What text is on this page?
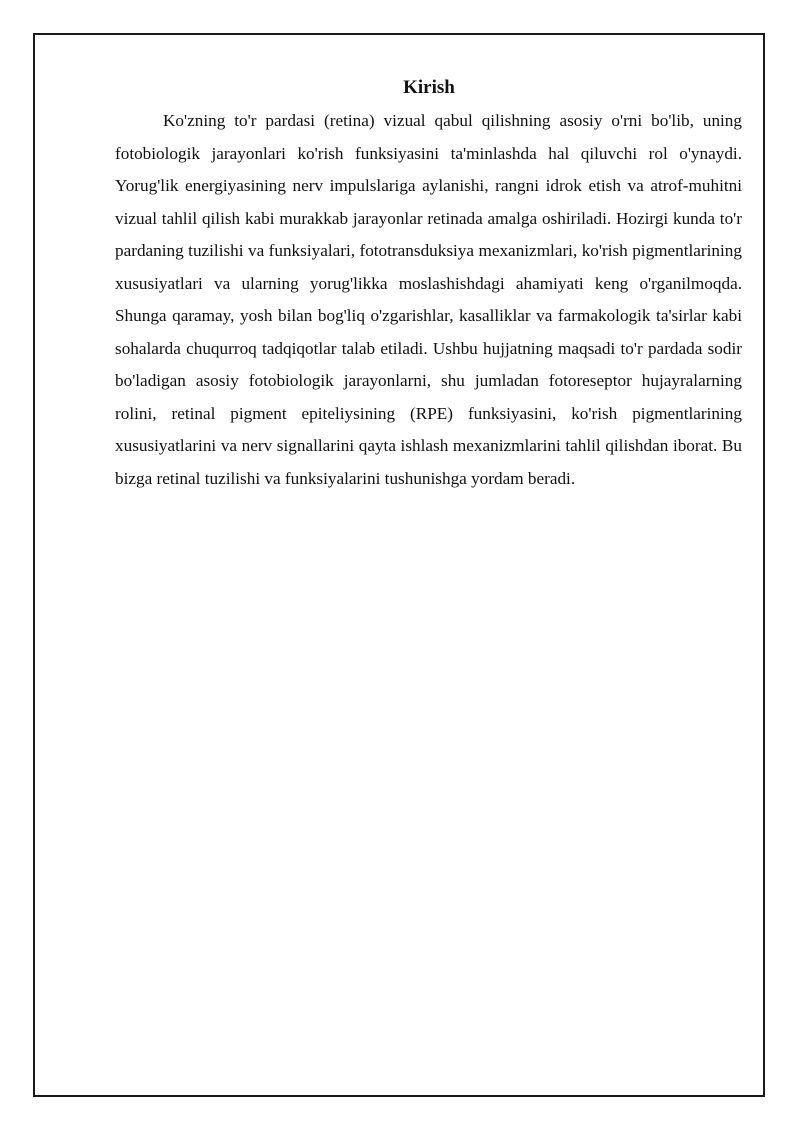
Kirish

Ko'zning to'r pardasi (retina) vizual qabul qilishning asosiy o'rni bo'lib, uning fotobiologik jarayonlari ko'rish funksiyasini ta'minlashda hal qiluvchi rol o'ynaydi. Yorug'lik energiyasining nerv impulslariga aylanishi, rangni idrok etish va atrof-muhitni vizual tahlil qilish kabi murakkab jarayonlar retinada amalga oshiriladi. Hozirgi kunda to'r pardaning tuzilishi va funksiyalari, fototransduksiya mexanizmlari, ko'rish pigmentlarining xususiyatlari va ularning yorug'likka moslashishdagi ahamiyati keng o'rganilmoqda. Shunga qaramay, yosh bilan bog'liq o'zgarishlar, kasalliklar va farmakologik ta'sirlar kabi sohalarda chuqurroq tadqiqotlar talab etiladi. Ushbu hujjatning maqsadi to'r pardada sodir bo'ladigan asosiy fotobiologik jarayonlarni, shu jumladan fotoreseptor hujayralarning rolini, retinal pigment epiteliysining (RPE) funksiyasini, ko'rish pigmentlarining xususiyatlarini va nerv signallarini qayta ishlash mexanizmlarini tahlil qilishdan iborat. Bu bizga retinal tuzilishi va funksiyalarini tushunishga yordam beradi.
